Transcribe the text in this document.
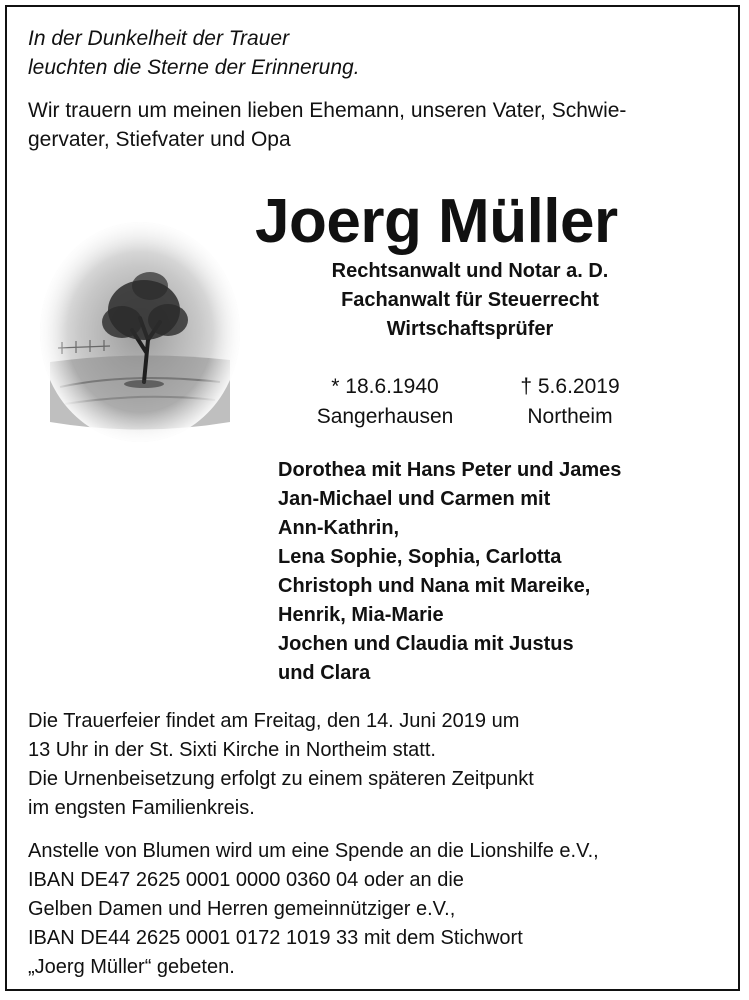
In der Dunkelheit der Trauer
leuchten die Sterne der Erinnerung.
Wir trauern um meinen lieben Ehemann, unseren Vater, Schwie-
gervater, Stiefvater und Opa
Joerg Müller
Rechtsanwalt und Notar a. D.
Fachanwalt für Steuerrecht
Wirtschaftsprüfer
* 18.6.1940
Sangerhausen
† 5.6.2019
Northeim
Dorothea mit Hans Peter und James
Jan-Michael und Carmen mit
Ann-Kathrin,
Lena Sophie, Sophia, Carlotta
Christoph und Nana mit Mareike,
Henrik, Mia-Marie
Jochen und Claudia mit Justus
und Clara
Die Trauerfeier findet am Freitag, den 14. Juni 2019 um
13 Uhr in der St. Sixti Kirche in Northeim statt.
Die Urnenbeisetzung erfolgt zu einem späteren Zeitpunkt
im engsten Familienkreis.
Anstelle von Blumen wird um eine Spende an die Lionshilfe e.V.,
IBAN DE47 2625 0001 0000 0360 04 oder an die
Gelben Damen und Herren gemeinnütziger e.V.,
IBAN DE44 2625 0001 0172 1019 33 mit dem Stichwort
„Joerg Müller“ gebeten.
